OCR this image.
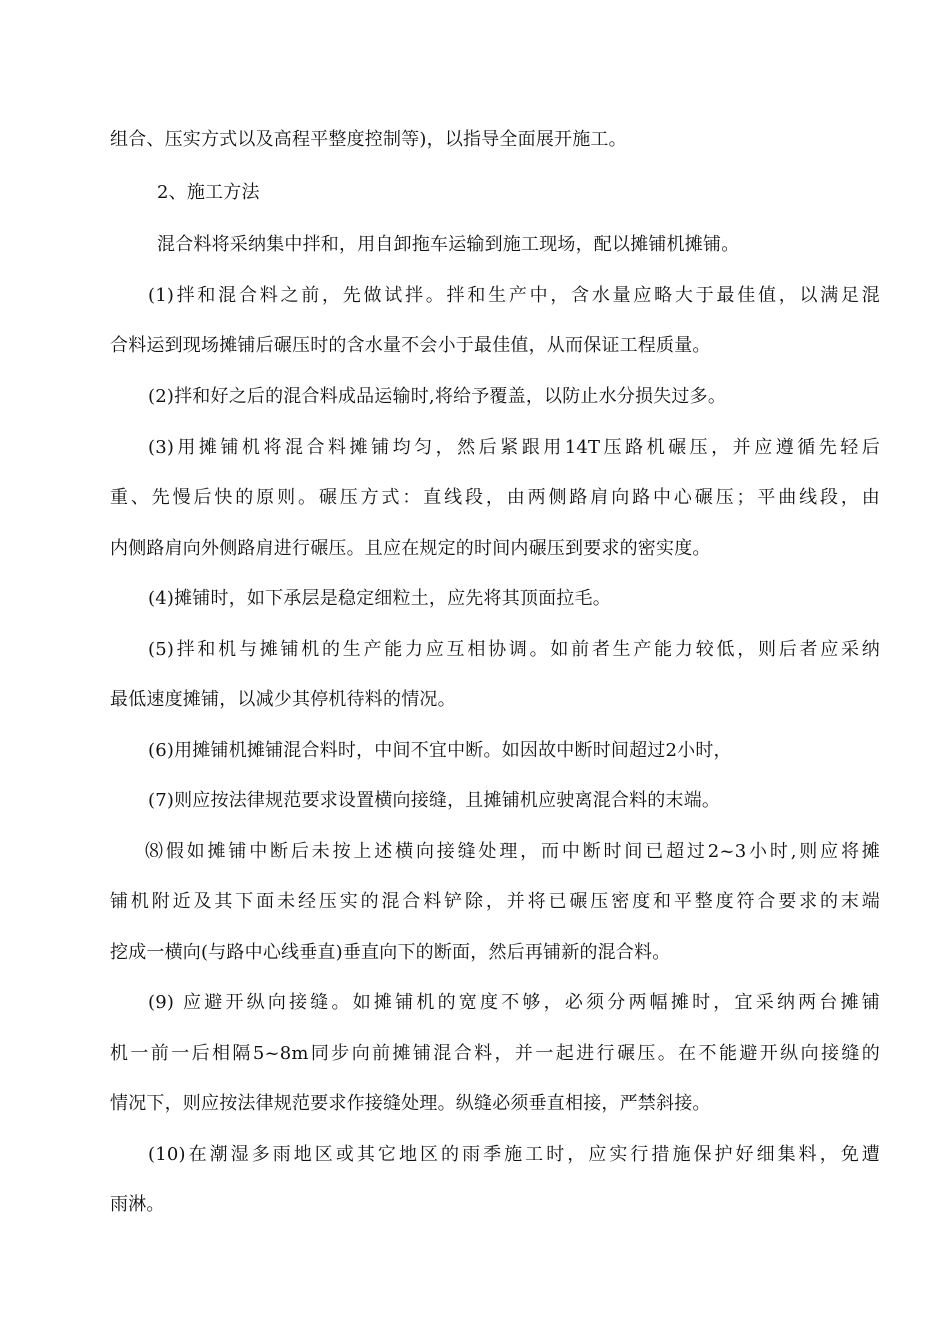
组合、压实方式以及高程平整度控制等)，以指导全面展开施工。
2、施工方法
混合料将采纳集中拌和，用自卸拖车运输到施工现场，配以摊铺机摊铺。
(1)拌和混合料之前，先做试拌。拌和生产中，含水量应略大于最佳值，以满足混
合料运到现场摊铺后碾压时的含水量不会小于最佳值，从而保证工程质量。
(2)拌和好之后的混合料成品运输时,将给予覆盖，以防止水分损失过多。
(3)用摊铺机将混合料摊铺均匀，然后紧跟用14T压路机碾压，并应遵循先轻后
重、先慢后快的原则。碾压方式：直线段，由两侧路肩向路中心碾压；平曲线段，由
内侧路肩向外侧路肩进行碾压。且应在规定的时间内碾压到要求的密实度。
(4)摊铺时，如下承层是稳定细粒土，应先将其顶面拉毛。
(5)拌和机与摊铺机的生产能力应互相协调。如前者生产能力较低，则后者应采纳
最低速度摊铺，以减少其停机待料的情况。
(6)用摊铺机摊铺混合料时，中间不宜中断。如因故中断时间超过2小时，
(7)则应按法律规范要求设置横向接缝，且摊铺机应驶离混合料的末端。
⑻假如摊铺中断后未按上述横向接缝处理，而中断时间已超过2~3小时,则应将摊
铺机附近及其下面未经压实的混合料铲除，并将已碾压密度和平整度符合要求的末端
挖成一横向(与路中心线垂直)垂直向下的断面，然后再铺新的混合料。
(9) 应避开纵向接缝。如摊铺机的宽度不够，必须分两幅摊时，宜采纳两台摊铺
机一前一后相隔5~8m同步向前摊铺混合料，并一起进行碾压。在不能避开纵向接缝的
情况下，则应按法律规范要求作接缝处理。纵缝必须垂直相接，严禁斜接。
(10)在潮湿多雨地区或其它地区的雨季施工时，应实行措施保护好细集料，免遭
雨淋。
